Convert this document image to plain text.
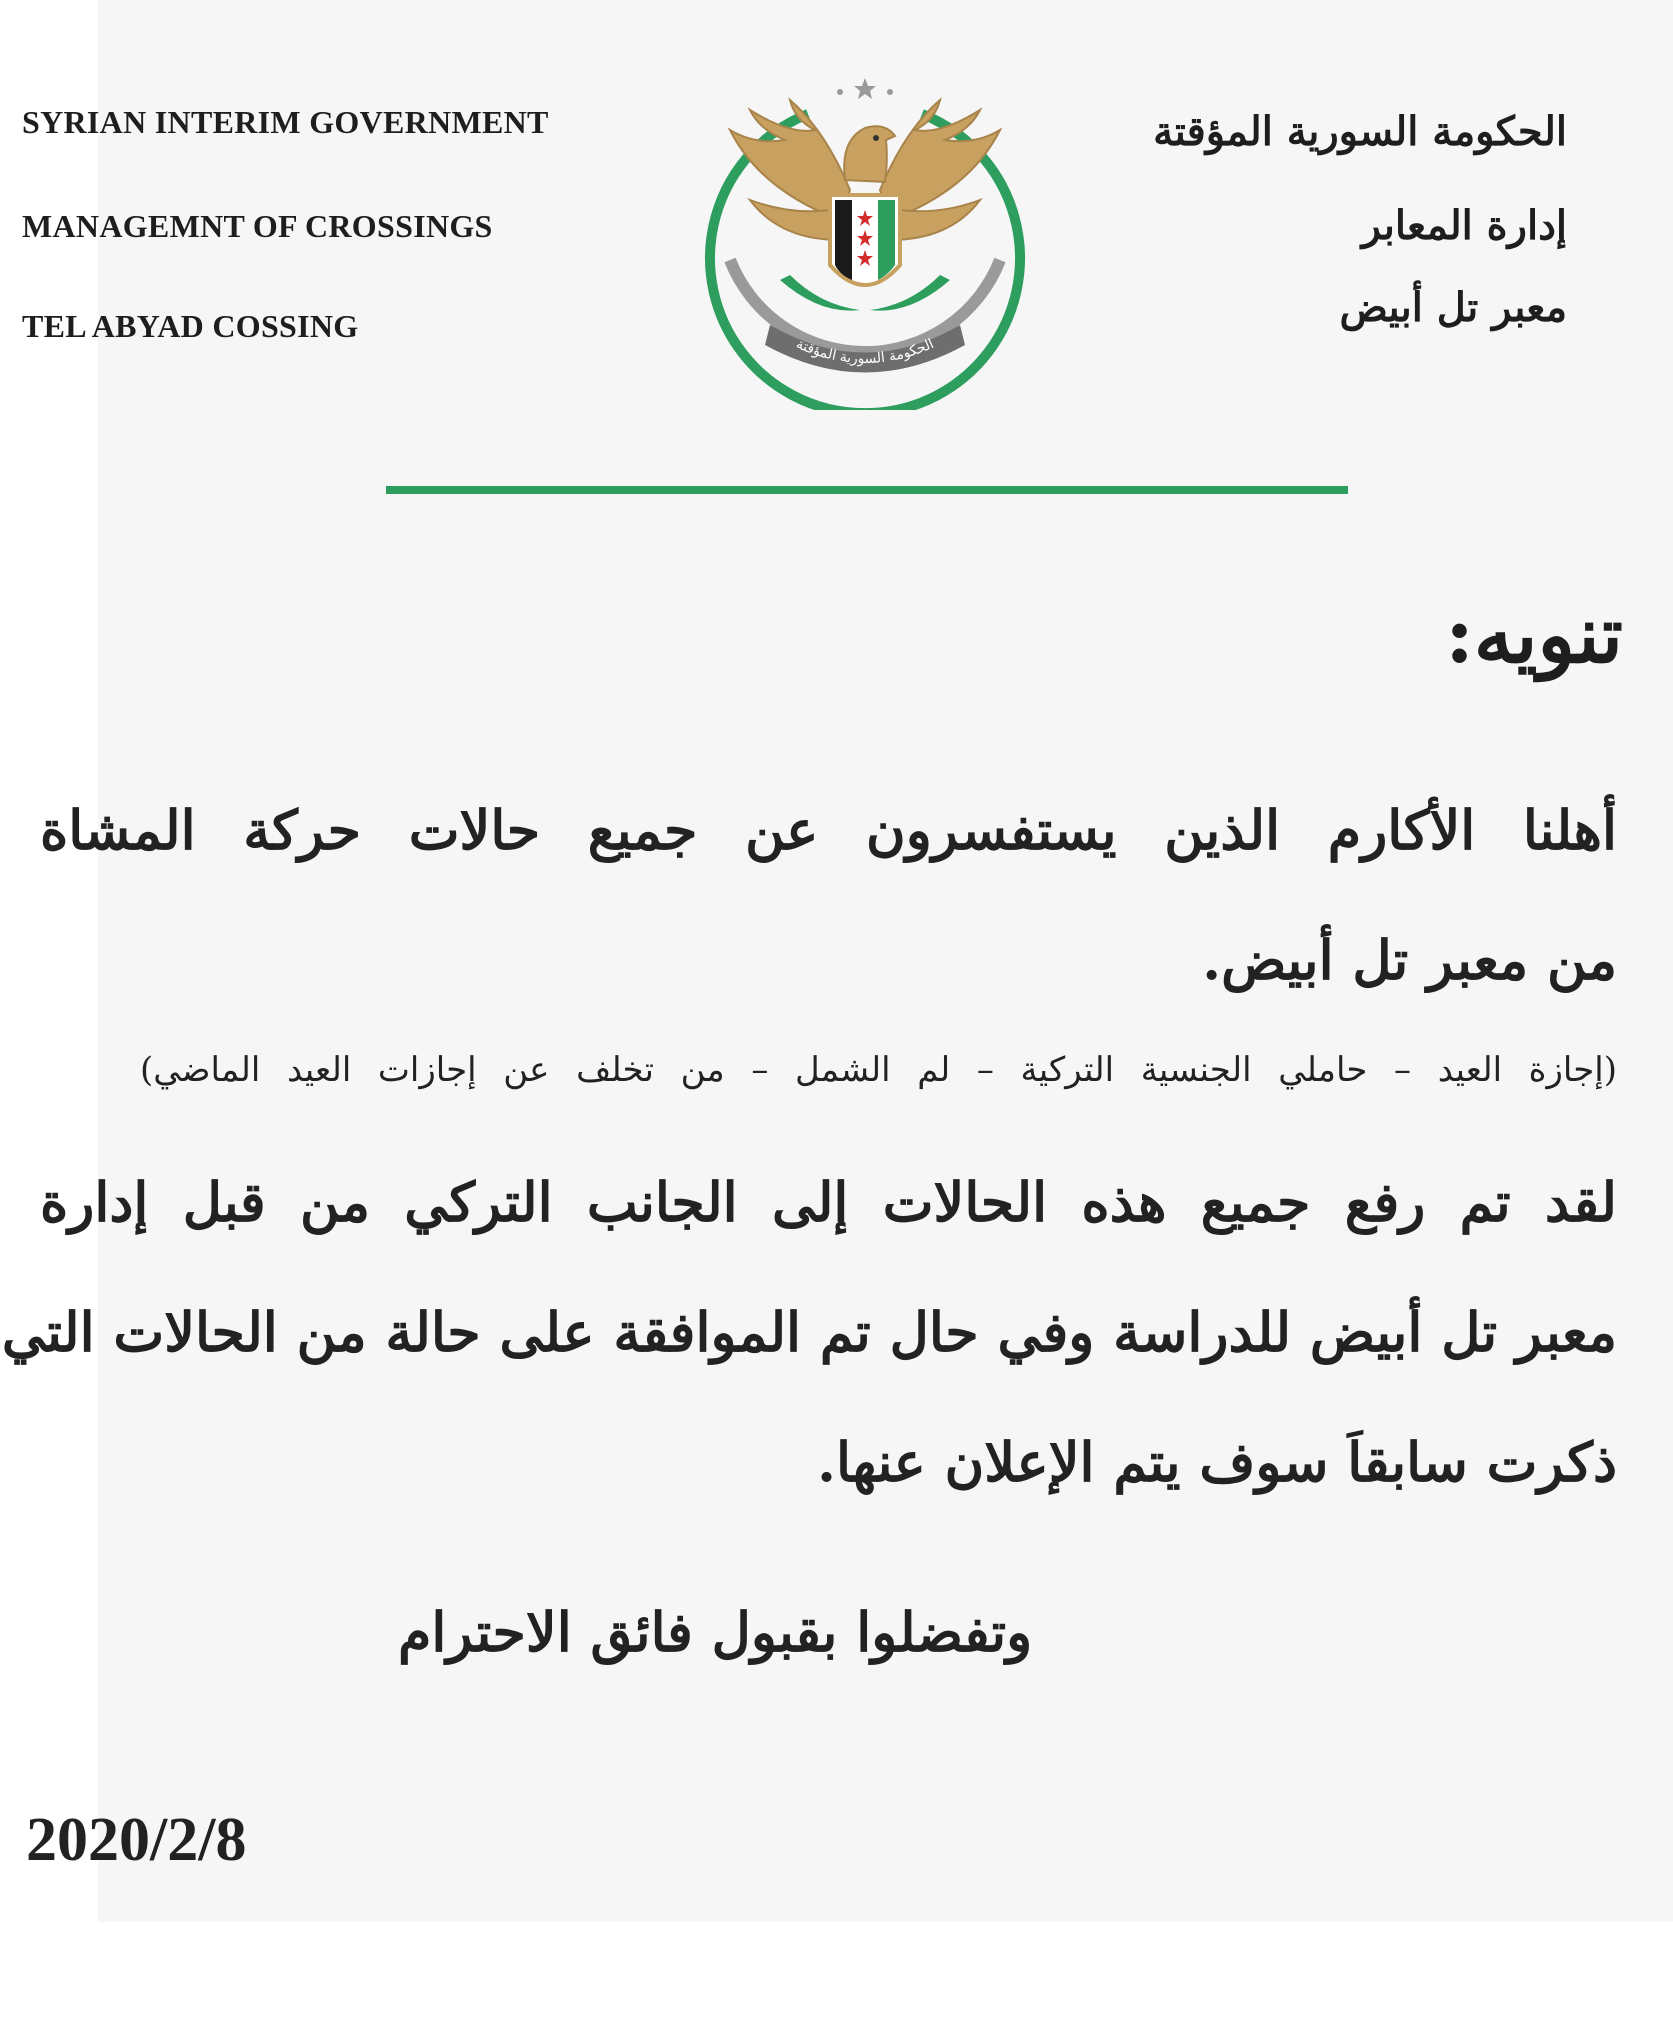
SYRIAN INTERIM GOVERNMENT
MANAGEMNT OF CROSSINGS
TEL ABYAD COSSING
الحكومة السورية المؤقتة
إدارة المعابر
معبر تل أبيض
الحكومة السورية المؤقتة
تنويه:
أهلنا الأكارم الذين يستفسرون عن جميع حالات حركة المشاة
من معبر تل أبيض.
(إجازة العيد – حاملي الجنسية التركية – لم الشمل – من تخلف عن إجازات العيد الماضي)
لقد تم رفع جميع هذه الحالات إلى الجانب التركي من قبل إدارة
معبر تل أبيض للدراسة وفي حال تم الموافقة على حالة من الحالات التي
ذكرت سابقاَ سوف يتم الإعلان عنها.
وتفضلوا بقبول فائق الاحترام
2020/2/8
